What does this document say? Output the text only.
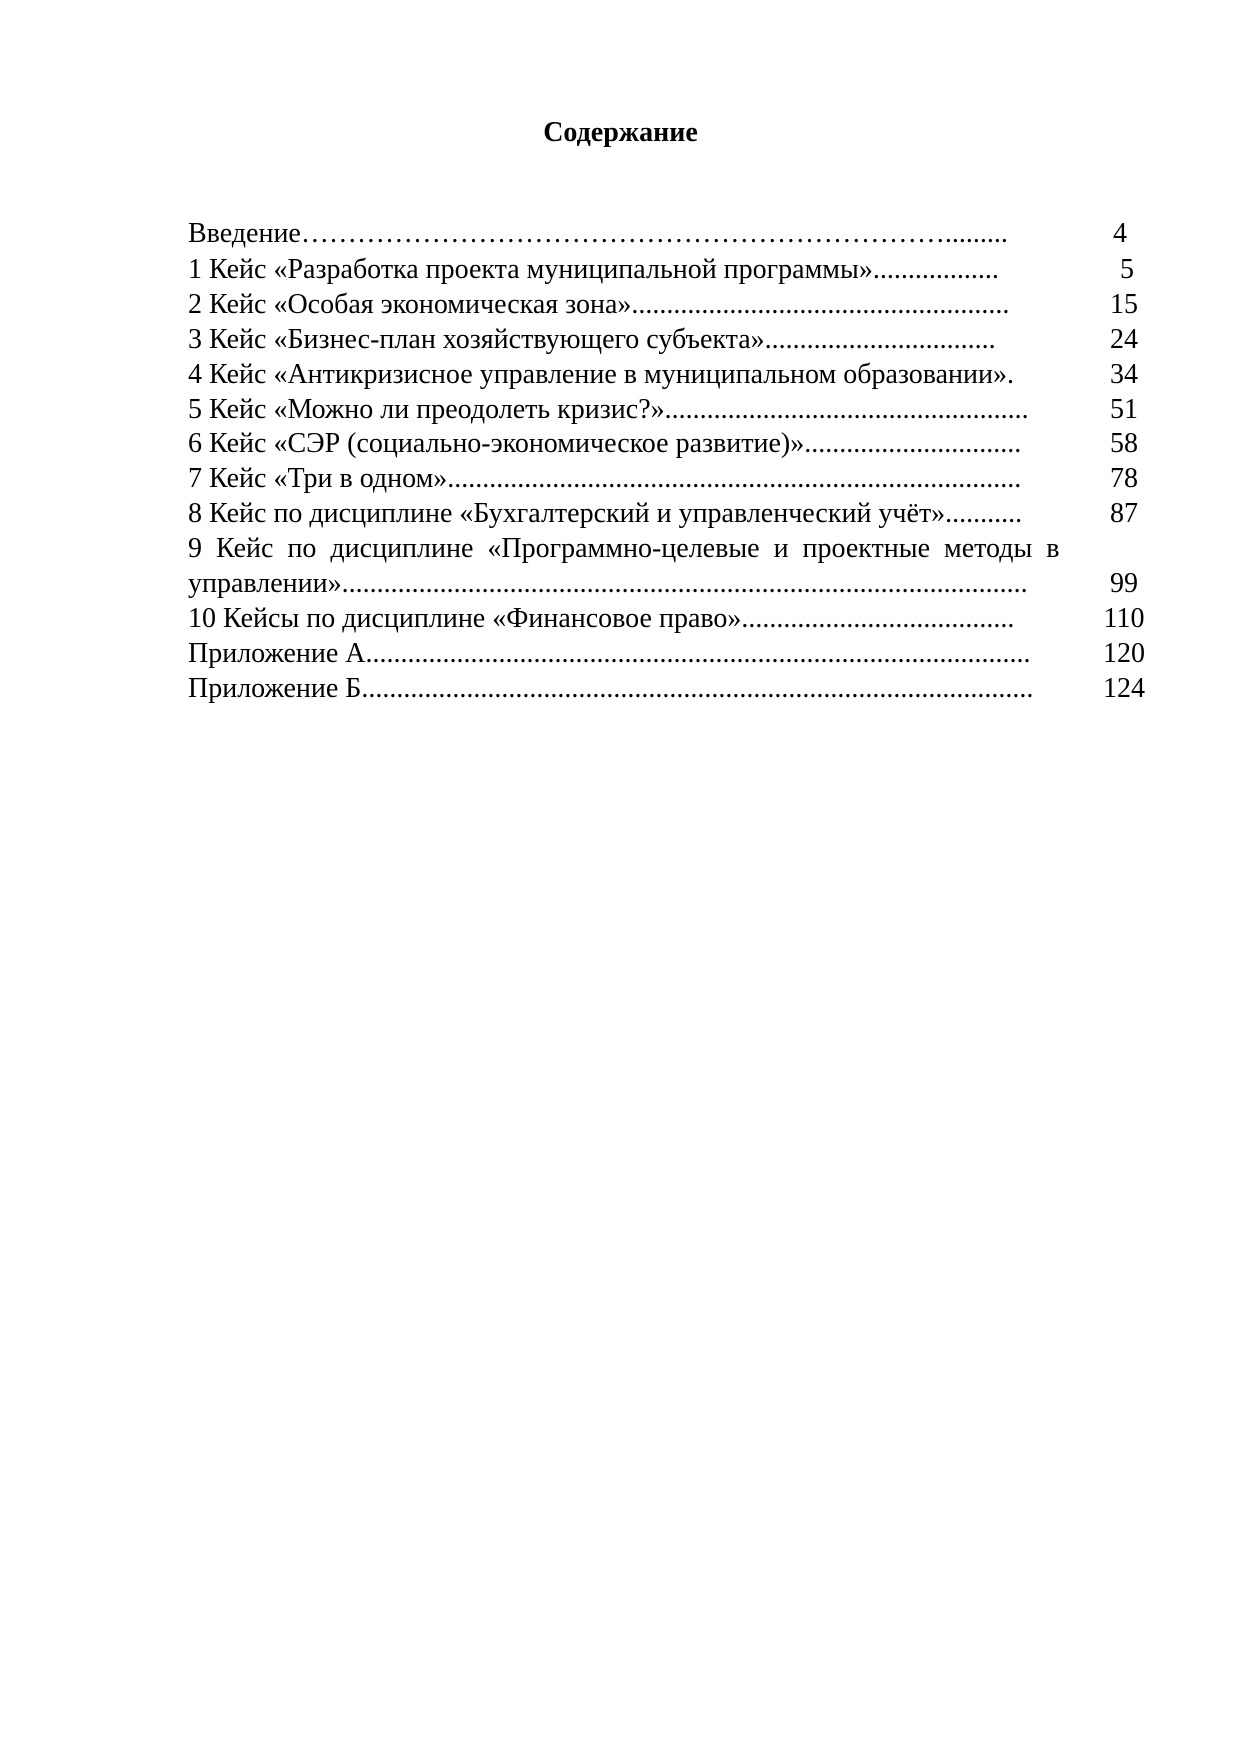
Содержание
Введение…………………………………………………………….........	4
1 Кейс «Разработка проекта муниципальной программы»..................	5
2 Кейс «Особая экономическая зона»......................................................	15
3 Кейс «Бизнес-план хозяйствующего субъекта».................................	24
4 Кейс «Антикризисное управление в муниципальном образовании».	34
5 Кейс «Можно ли преодолеть кризис?»....................................................	51
6 Кейс «СЭР (социально-экономическое развитие)»...............................	58
7 Кейс «Три в одном»..................................................................................	78
8 Кейс по дисциплине «Бухгалтерский и управленческий учёт»...........	87
9 Кейс по дисциплине «Программно-целевые и проектные методы в
управлении»..................................................................................................	99
10 Кейсы по дисциплине «Финансовое право».......................................	110
Приложение А...............................................................................................	120
Приложение Б................................................................................................	124
